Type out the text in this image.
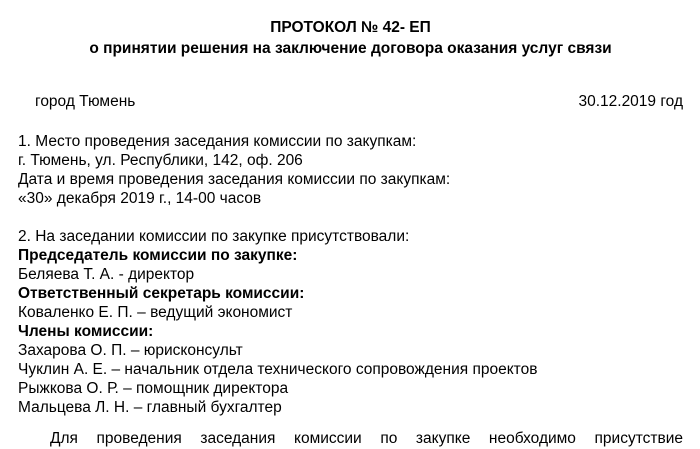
ПРОТОКОЛ № 42- ЕП
о принятии решения на заключение договора оказания услуг связи
город Тюмень	30.12.2019 год
1. Место проведения заседания комиссии по закупкам:
г. Тюмень, ул. Республики, 142, оф. 206
Дата и время проведения заседания комиссии по закупкам:
«30» декабря 2019 г., 14-00 часов
2. На заседании комиссии по закупке присутствовали:
Председатель комиссии по закупке:
Беляева Т. А. - директор
Ответственный секретарь комиссии:
Коваленко Е. П. – ведущий экономист
Члены комиссии:
Захарова О. П. – юрисконсульт
Чуклин А. Е. – начальник отдела технического сопровождения проектов
Рыжкова О. Р. – помощник директора
Мальцева Л. Н. – главный бухгалтер

Для проведения заседания комиссии по закупке необходимо присутствие
